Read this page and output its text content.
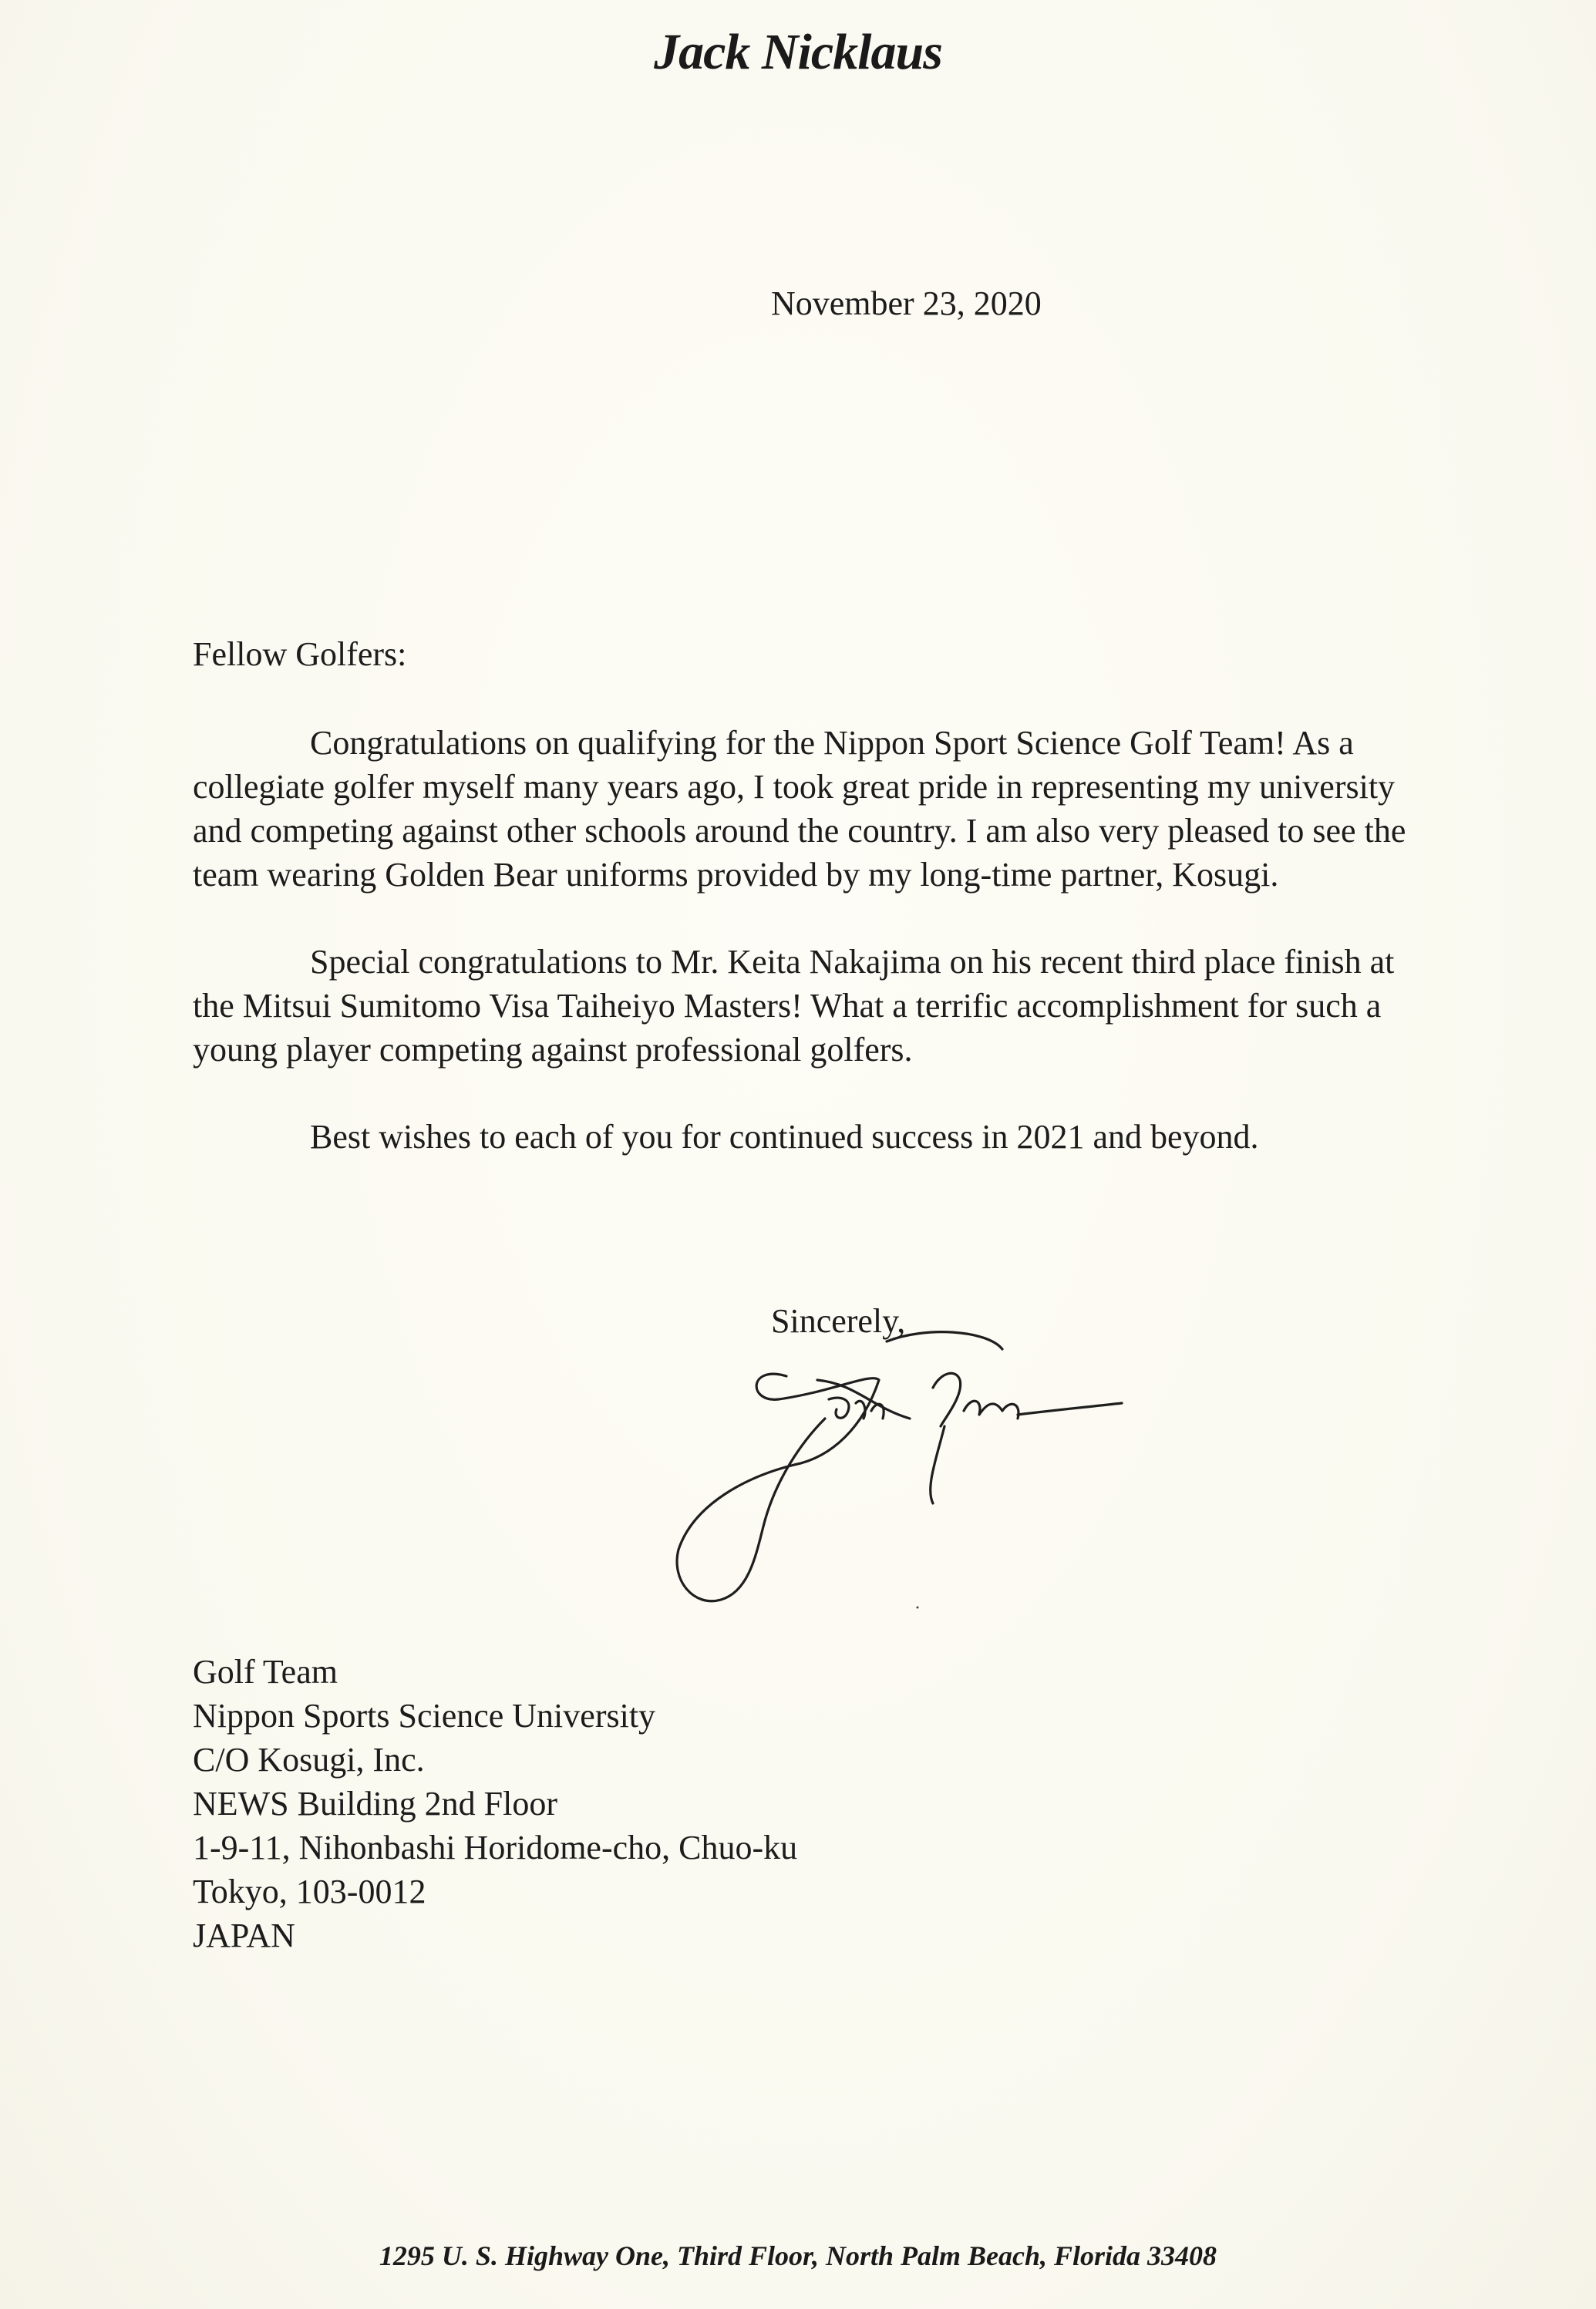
Jack Nicklaus
November 23, 2020
Fellow Golfers:

Congratulations on qualifying for the Nippon Sport Science Golf Team! As a collegiate golfer myself many years ago, I took great pride in representing my university and competing against other schools around the country. I am also very pleased to see the team wearing Golden Bear uniforms provided by my long-time partner, Kosugi.

Special congratulations to Mr. Keita Nakajima on his recent third place finish at the Mitsui Sumitomo Visa Taiheiyo Masters! What a terrific accomplishment for such a young player competing against professional golfers.

Best wishes to each of you for continued success in 2021 and beyond.

Sincerely,
Golf Team
Nippon Sports Science University
C/O Kosugi, Inc.
NEWS Building 2nd Floor
1-9-11, Nihonbashi Horidome-cho, Chuo-ku
Tokyo, 103-0012
JAPAN
1295 U. S. Highway One, Third Floor, North Palm Beach, Florida 33408
